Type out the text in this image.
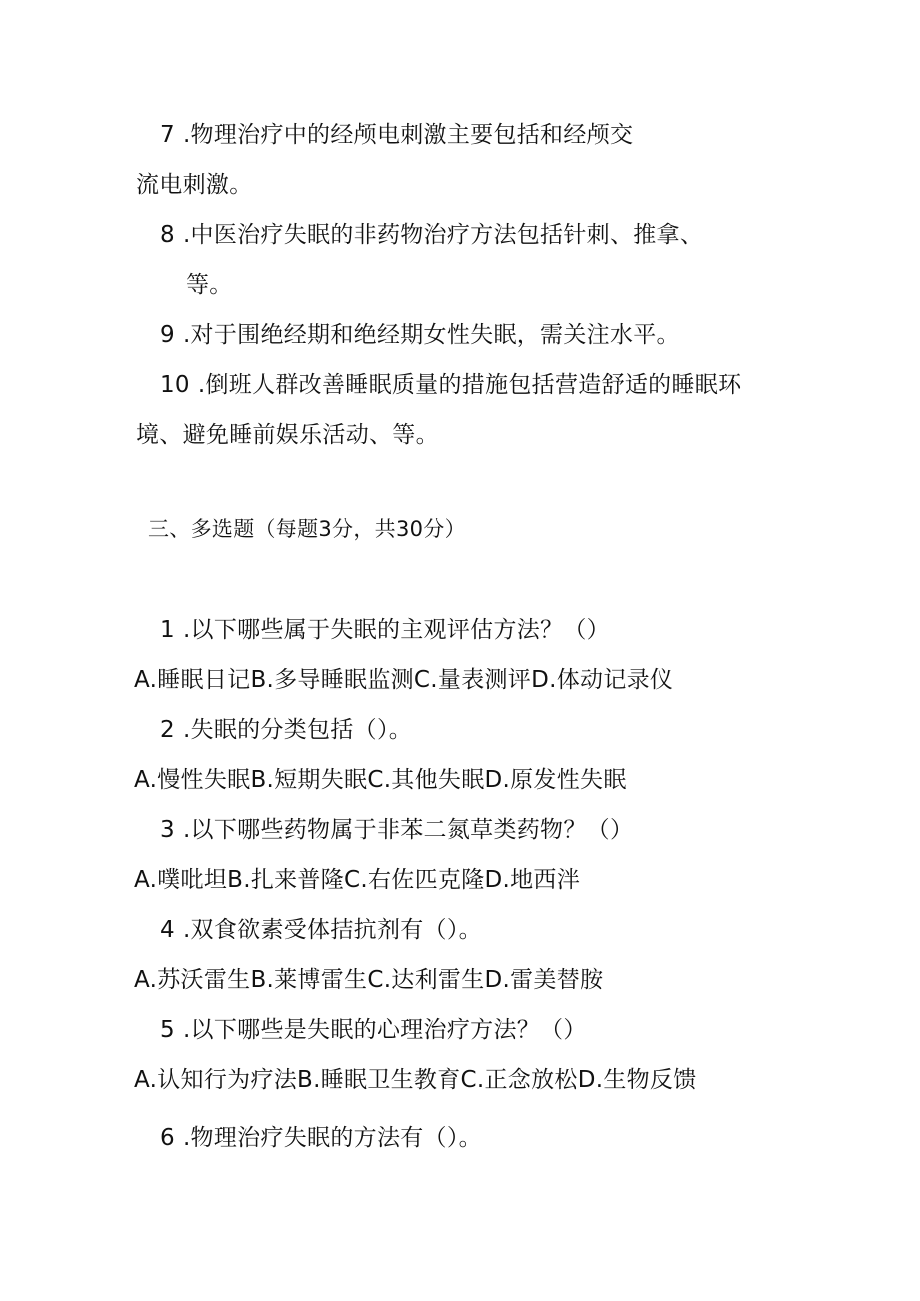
7 .物理治疗中的经颅电刺激主要包括和经颅交
流电刺激。
8 .中医治疗失眠的非药物治疗方法包括针刺、推拿、
等。
9 .对于围绝经期和绝经期女性失眠，需关注水平。
10 .倒班人群改善睡眠质量的措施包括营造舒适的睡眠环
境、避免睡前娱乐活动、等。
三、多选题（每题3分，共30分）
1 .以下哪些属于失眠的主观评估方法？（）
A.睡眠日记B.多导睡眠监测C.量表测评D.体动记录仪
2 .失眠的分类包括（）。
A.慢性失眠B.短期失眠C.其他失眠D.原发性失眠
3 .以下哪些药物属于非苯二氮草类药物？（）
A.噗吡坦B.扎来普隆C.右佐匹克隆D.地西泮
4 .双食欲素受体拮抗剂有（）。
A.苏沃雷生B.莱博雷生C.达利雷生D.雷美替胺
5 .以下哪些是失眠的心理治疗方法？（）
A.认知行为疗法B.睡眠卫生教育C.正念放松D.生物反馈
6 .物理治疗失眠的方法有（）。
